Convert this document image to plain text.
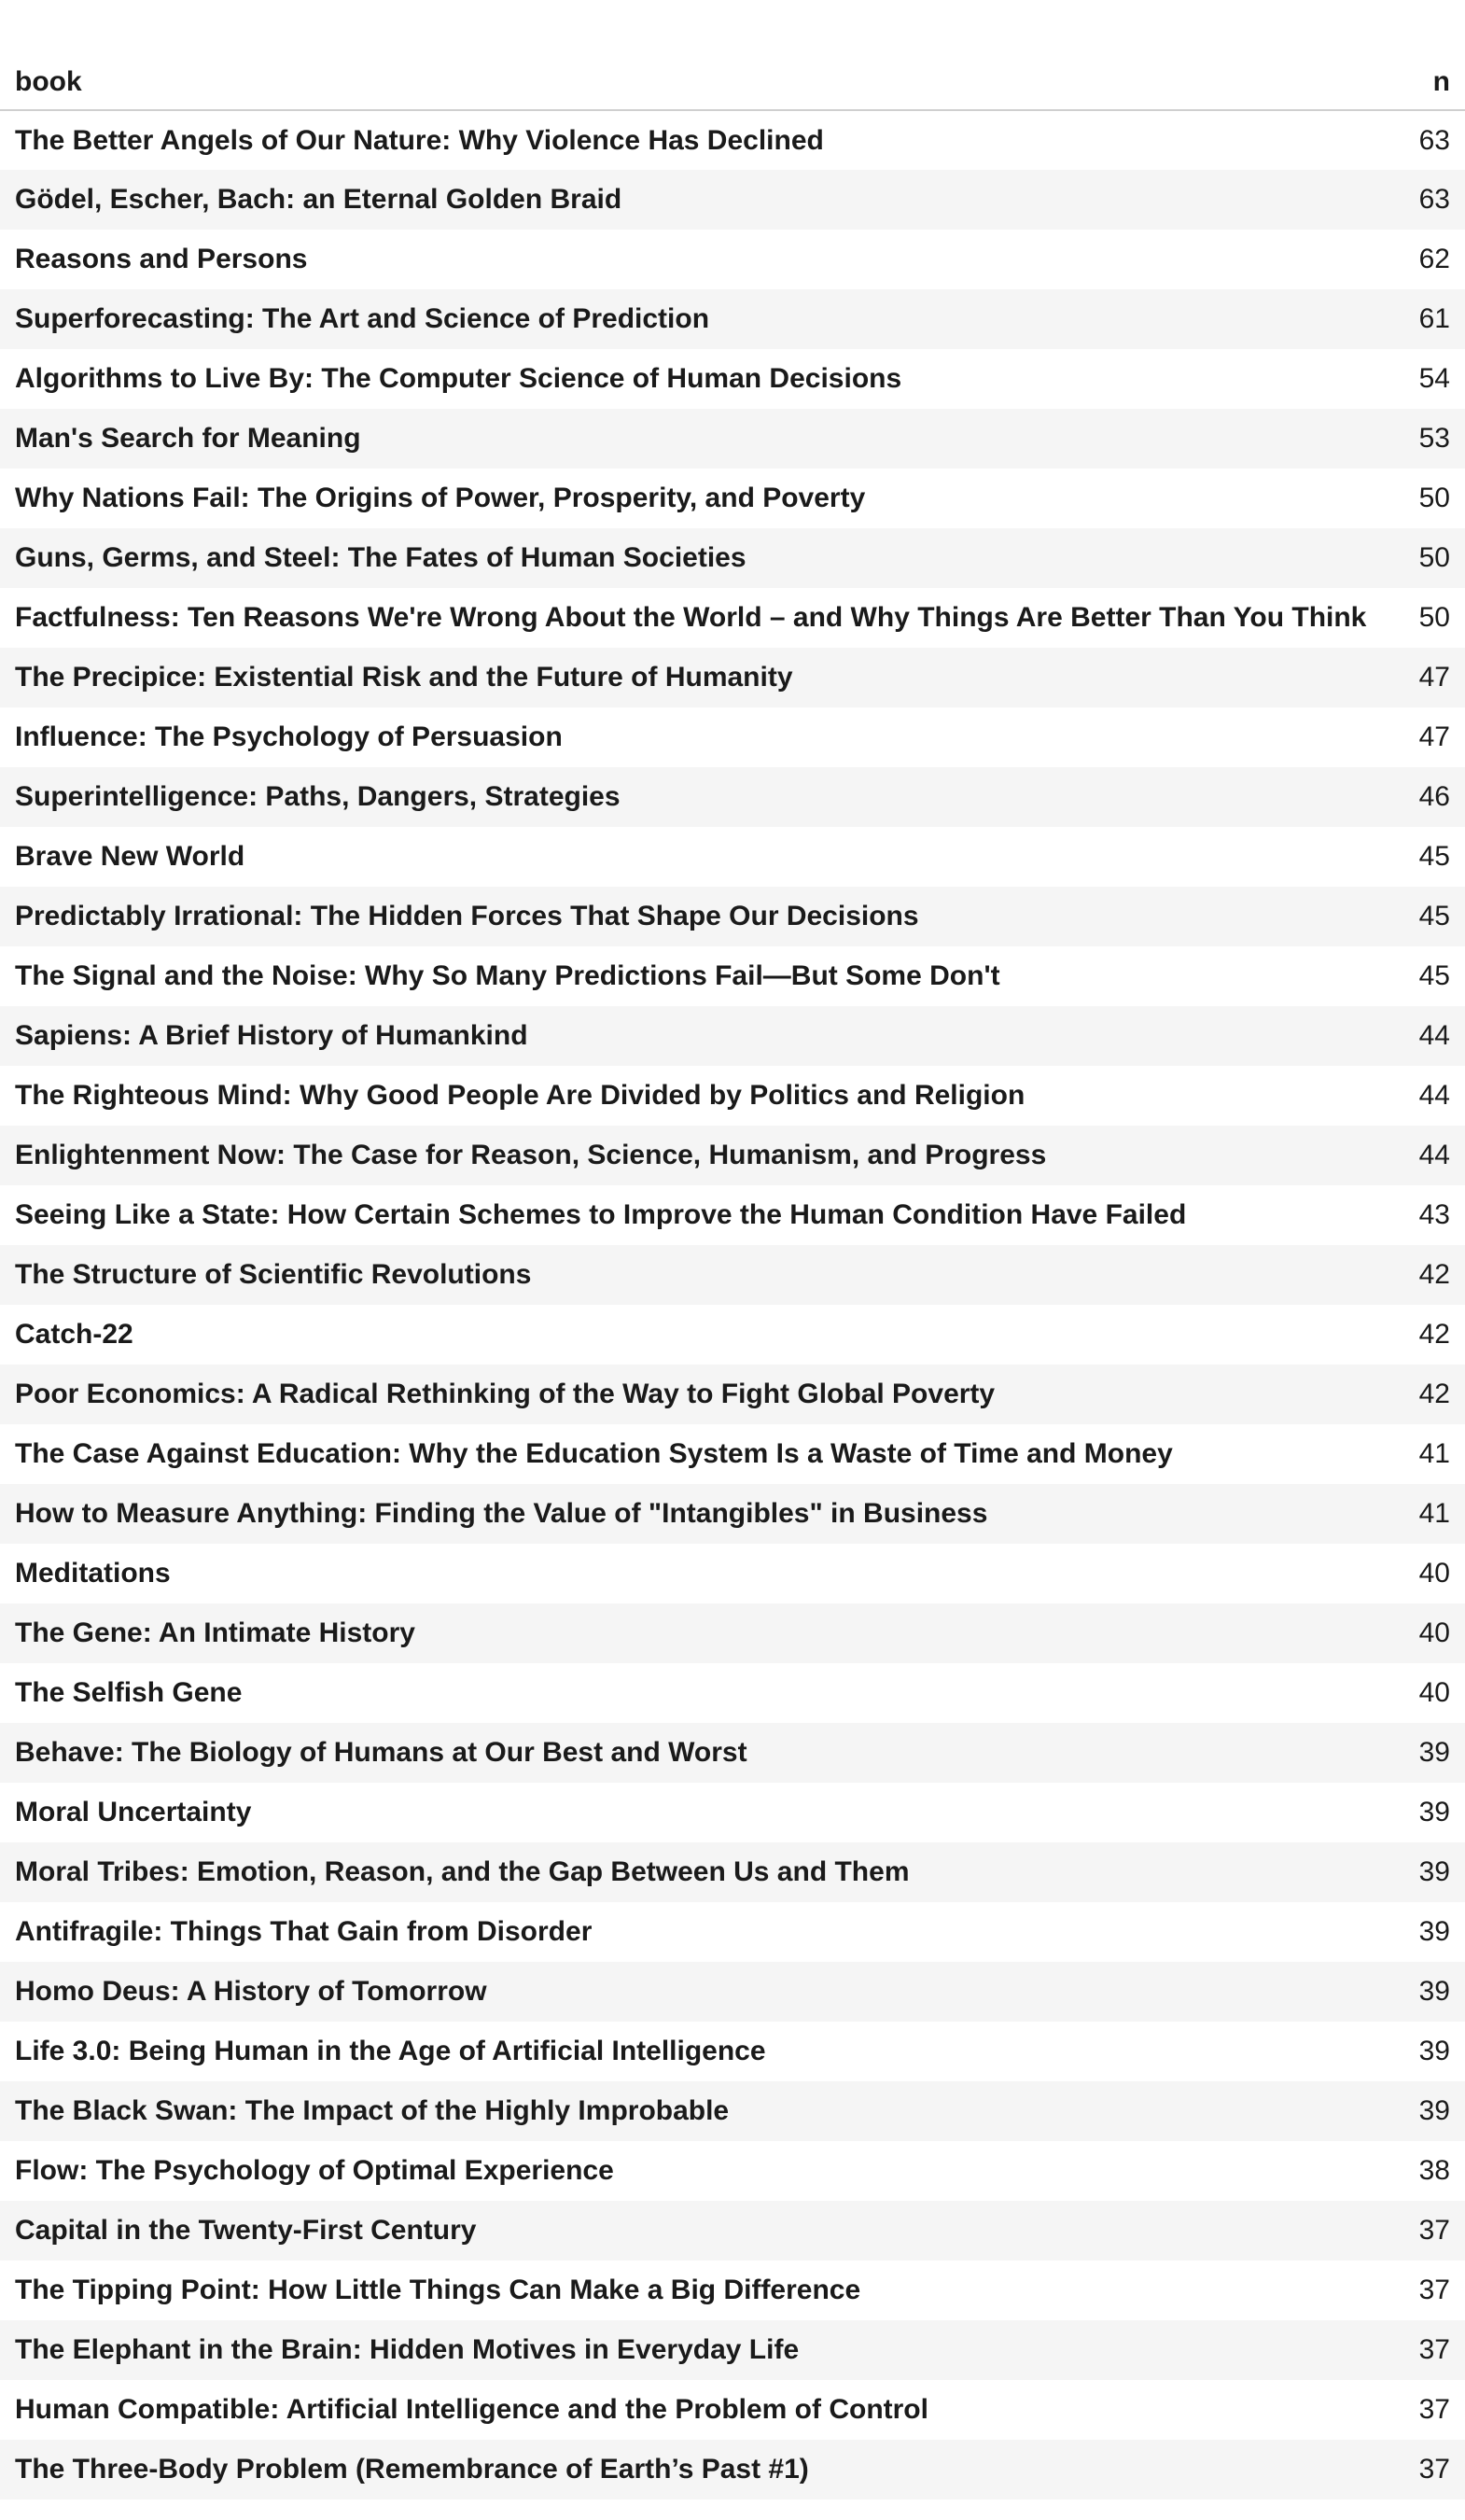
book	n
The Better Angels of Our Nature: Why Violence Has Declined	63
Gödel, Escher, Bach: an Eternal Golden Braid	63
Reasons and Persons	62
Superforecasting: The Art and Science of Prediction	61
Algorithms to Live By: The Computer Science of Human Decisions	54
Man's Search for Meaning	53
Why Nations Fail: The Origins of Power, Prosperity, and Poverty	50
Guns, Germs, and Steel: The Fates of Human Societies	50
Factfulness: Ten Reasons We're Wrong About the World – and Why Things Are Better Than You Think	50
The Precipice: Existential Risk and the Future of Humanity	47
Influence: The Psychology of Persuasion	47
Superintelligence: Paths, Dangers, Strategies	46
Brave New World	45
Predictably Irrational: The Hidden Forces That Shape Our Decisions	45
The Signal and the Noise: Why So Many Predictions Fail—But Some Don't	45
Sapiens: A Brief History of Humankind	44
The Righteous Mind: Why Good People Are Divided by Politics and Religion	44
Enlightenment Now: The Case for Reason, Science, Humanism, and Progress	44
Seeing Like a State: How Certain Schemes to Improve the Human Condition Have Failed	43
The Structure of Scientific Revolutions	42
Catch-22	42
Poor Economics: A Radical Rethinking of the Way to Fight Global Poverty	42
The Case Against Education: Why the Education System Is a Waste of Time and Money	41
How to Measure Anything: Finding the Value of "Intangibles" in Business	41
Meditations	40
The Gene: An Intimate History	40
The Selfish Gene	40
Behave: The Biology of Humans at Our Best and Worst	39
Moral Uncertainty	39
Moral Tribes: Emotion, Reason, and the Gap Between Us and Them	39
Antifragile: Things That Gain from Disorder	39
Homo Deus: A History of Tomorrow	39
Life 3.0: Being Human in the Age of Artificial Intelligence	39
The Black Swan: The Impact of the Highly Improbable	39
Flow: The Psychology of Optimal Experience	38
Capital in the Twenty-First Century	37
The Tipping Point: How Little Things Can Make a Big Difference	37
The Elephant in the Brain: Hidden Motives in Everyday Life	37
Human Compatible: Artificial Intelligence and the Problem of Control	37
The Three-Body Problem (Remembrance of Earth’s Past #1)	37
